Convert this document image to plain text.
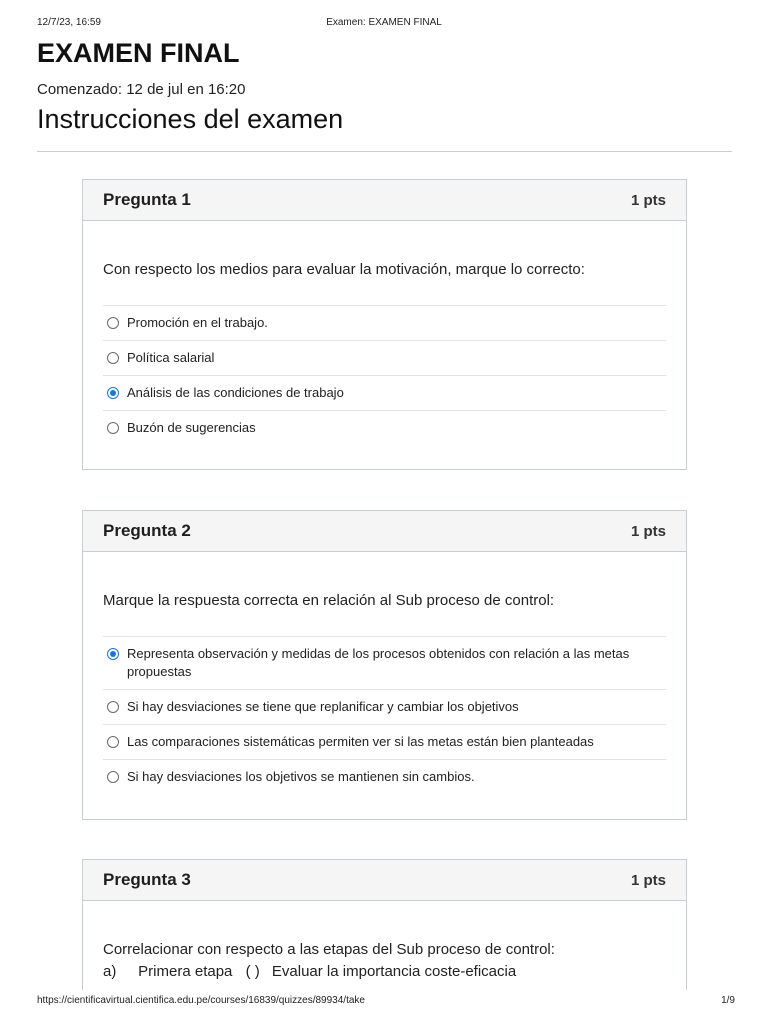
12/7/23, 16:59	Examen: EXAMEN FINAL
EXAMEN FINAL
Comenzado: 12 de jul en 16:20
Instrucciones del examen
Pregunta 1	1 pts
Con respecto los medios para evaluar la motivación, marque lo correcto:
Promoción en el trabajo.
Política salarial
Análisis de las condiciones de trabajo
Buzón de sugerencias
Pregunta 2	1 pts
Marque la respuesta correcta en relación al Sub proceso de control:
Representa observación y medidas de los procesos obtenidos con relación a las metas propuestas
Si hay desviaciones se tiene que replanificar y cambiar los objetivos
Las comparaciones sistemáticas permiten ver si las metas están bien planteadas
Si hay desviaciones los objetivos se mantienen sin cambios.
Pregunta 3	1 pts
Correlacionar con respecto a las etapas del Sub proceso de control:
a) Primera etapa ( ) Evaluar la importancia coste-eficacia
https://cientificavirtual.cientifica.edu.pe/courses/16839/quizzes/89934/take	1/9
